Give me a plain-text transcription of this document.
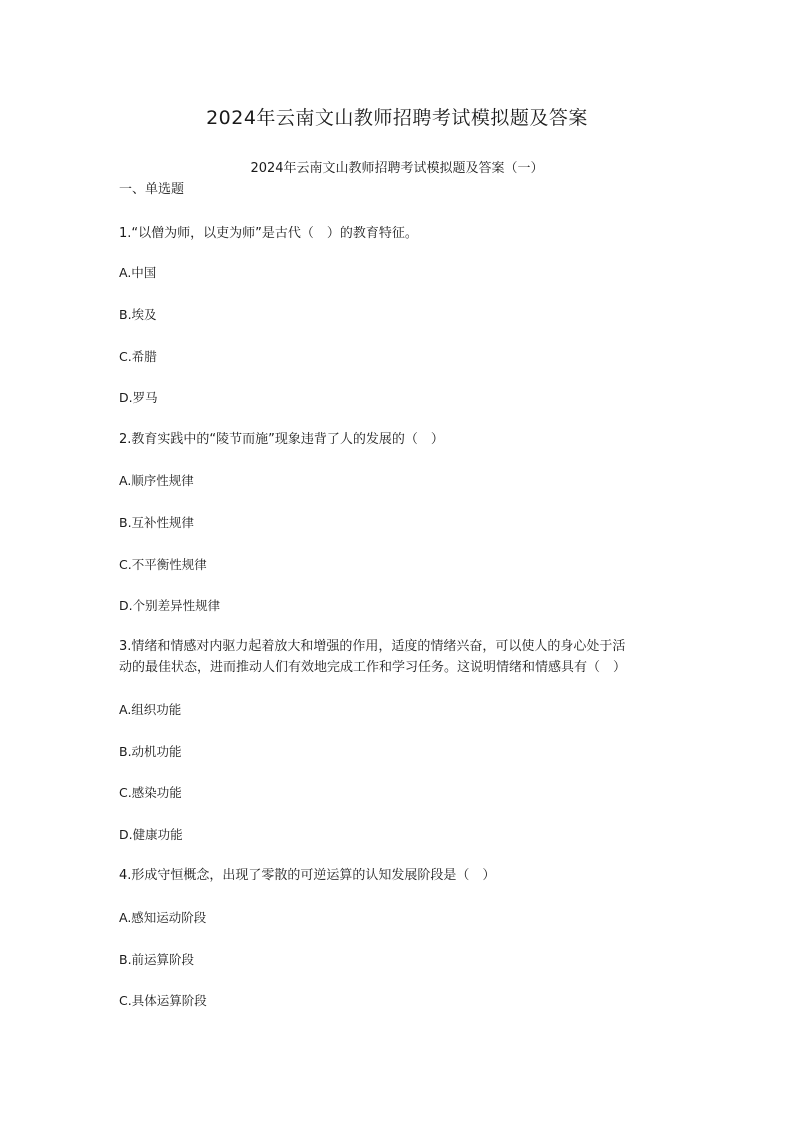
2024年云南文山教师招聘考试模拟题及答案
2024年云南文山教师招聘考试模拟题及答案（一）
一、单选题
1.“以僧为师，以吏为师”是古代（　）的教育特征。
A.中国
B.埃及
C.希腊
D.罗马
2.教育实践中的“陵节而施”现象违背了人的发展的（　）
A.顺序性规律
B.互补性规律
C.不平衡性规律
D.个别差异性规律
3.情绪和情感对内驱力起着放大和增强的作用，适度的情绪兴奋，可以使人的身心处于活
动的最佳状态，进而推动人们有效地完成工作和学习任务。这说明情绪和情感具有（　）
A.组织功能
B.动机功能
C.感染功能
D.健康功能
4.形成守恒概念，出现了零散的可逆运算的认知发展阶段是（　）
A.感知运动阶段
B.前运算阶段
C.具体运算阶段
